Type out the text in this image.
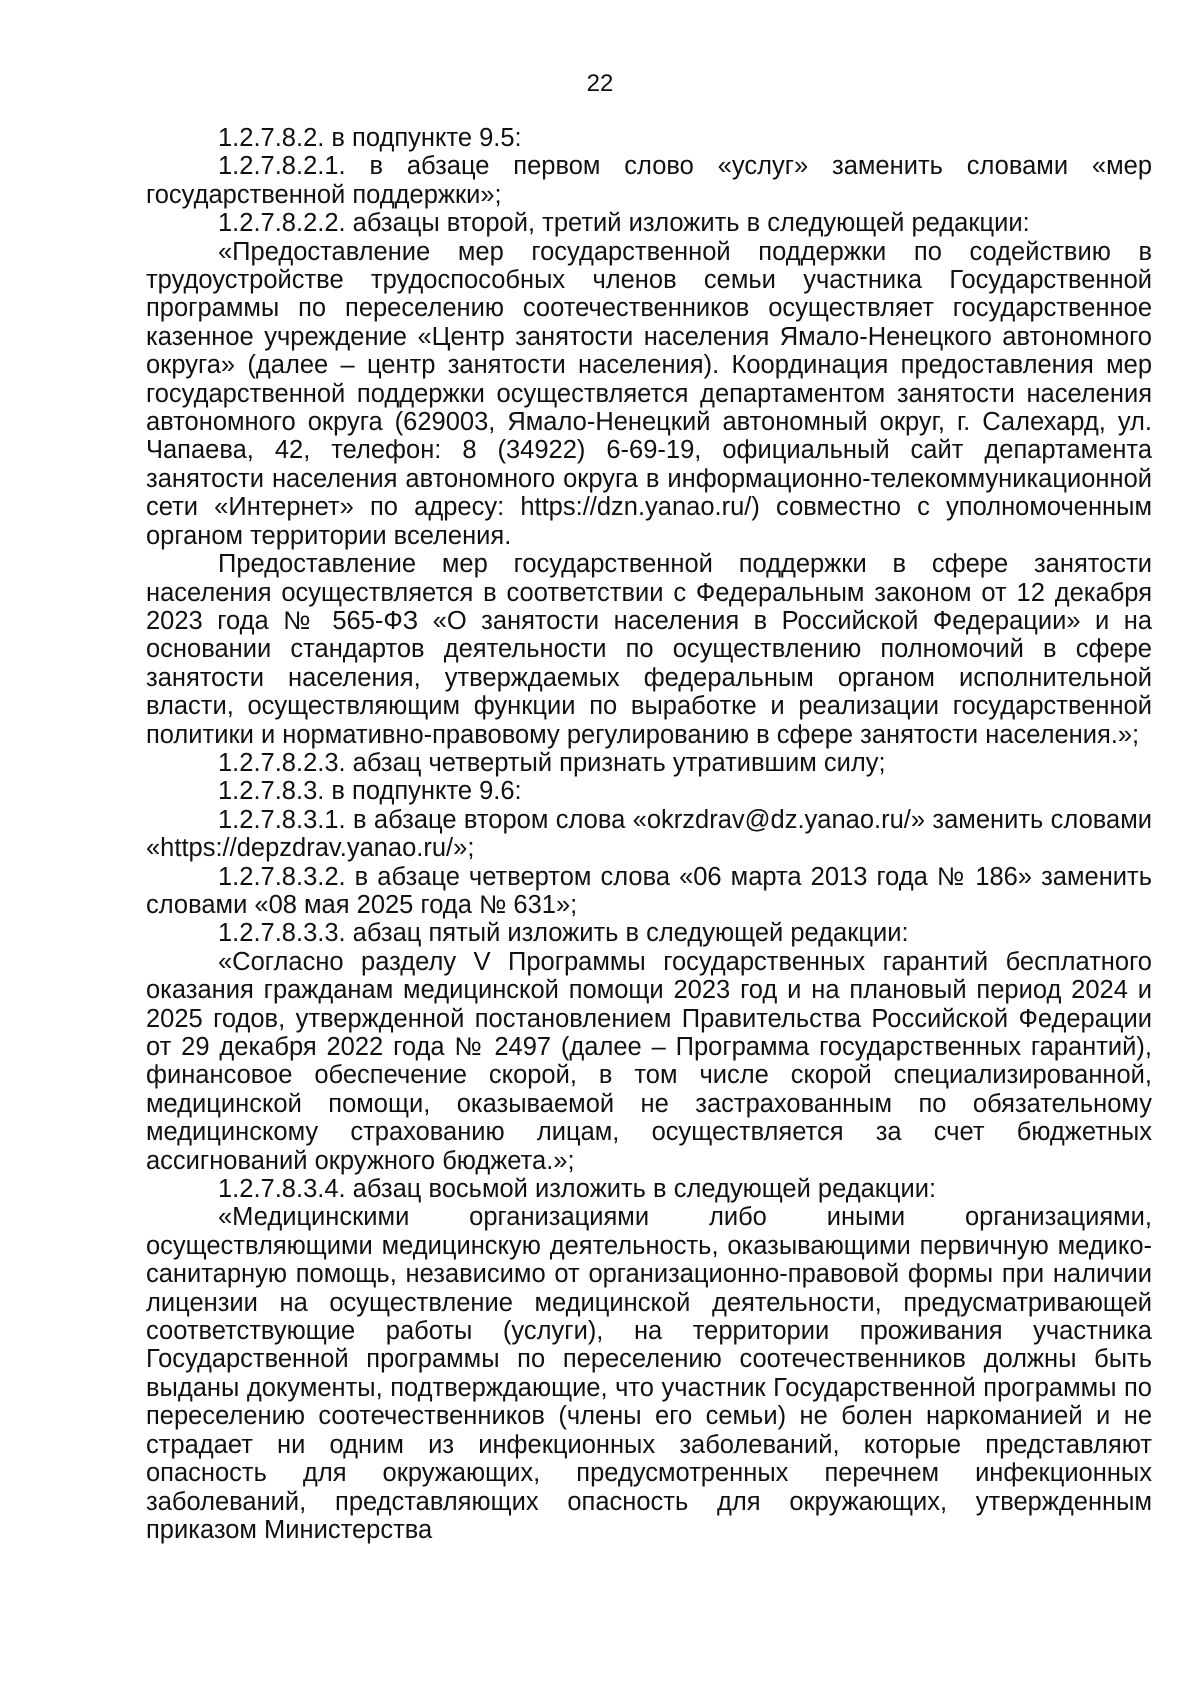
22

1.2.7.8.2. в подпункте 9.5:

1.2.7.8.2.1. в абзаце первом слово «услуг» заменить словами «мер государственной поддержки»;

1.2.7.8.2.2. абзацы второй, третий изложить в следующей редакции:

«Предоставление мер государственной поддержки по содействию в трудоустройстве трудоспособных членов семьи участника Государственной программы по переселению соотечественников осуществляет государственное казенное учреждение «Центр занятости населения Ямало-Ненецкого автономного округа» (далее – центр занятости населения). Координация предоставления мер государственной поддержки осуществляется департаментом занятости населения автономного округа (629003, Ямало-Ненецкий автономный округ, г. Салехард, ул. Чапаева, 42, телефон: 8 (34922) 6-69-19, официальный сайт департамента занятости населения автономного округа в информационно-телекоммуникационной сети «Интернет» по адресу: https://dzn.yanao.ru/) совместно с уполномоченным органом территории вселения.

Предоставление мер государственной поддержки в сфере занятости населения осуществляется в соответствии с Федеральным законом от 12 декабря 2023 года № 565-ФЗ «О занятости населения в Российской Федерации» и на основании стандартов деятельности по осуществлению полномочий в сфере занятости населения, утверждаемых федеральным органом исполнительной власти, осуществляющим функции по выработке и реализации государственной политики и нормативно-правовому регулированию в сфере занятости населения.»;

1.2.7.8.2.3. абзац четвертый признать утратившим силу;

1.2.7.8.3. в подпункте 9.6:

1.2.7.8.3.1. в абзаце втором слова «okrzdrav@dz.yanao.ru/» заменить словами «https://depzdrav.yanao.ru/»;

1.2.7.8.3.2. в абзаце четвертом слова «06 марта 2013 года № 186» заменить словами «08 мая 2025 года № 631»;

1.2.7.8.3.3. абзац пятый изложить в следующей редакции:

«Согласно разделу V Программы государственных гарантий бесплатного оказания гражданам медицинской помощи 2023 год и на плановый период 2024 и 2025 годов, утвержденной постановлением Правительства Российской Федерации от 29 декабря 2022 года № 2497 (далее – Программа государственных гарантий), финансовое обеспечение скорой, в том числе скорой специализированной, медицинской помощи, оказываемой не застрахованным по обязательному медицинскому страхованию лицам, осуществляется за счет бюджетных ассигнований окружного бюджета.»;

1.2.7.8.3.4. абзац восьмой изложить в следующей редакции:

«Медицинскими организациями либо иными организациями, осуществляющими медицинскую деятельность, оказывающими первичную медико-санитарную помощь, независимо от организационно-правовой формы при наличии лицензии на осуществление медицинской деятельности, предусматривающей соответствующие работы (услуги), на территории проживания участника Государственной программы по переселению соотечественников должны быть выданы документы, подтверждающие, что участник Государственной программы по переселению соотечественников (члены его семьи) не болен наркоманией и не страдает ни одним из инфекционных заболеваний, которые представляют опасность для окружающих, предусмотренных перечнем инфекционных заболеваний, представляющих опасность для окружающих, утвержденным приказом Министерства
